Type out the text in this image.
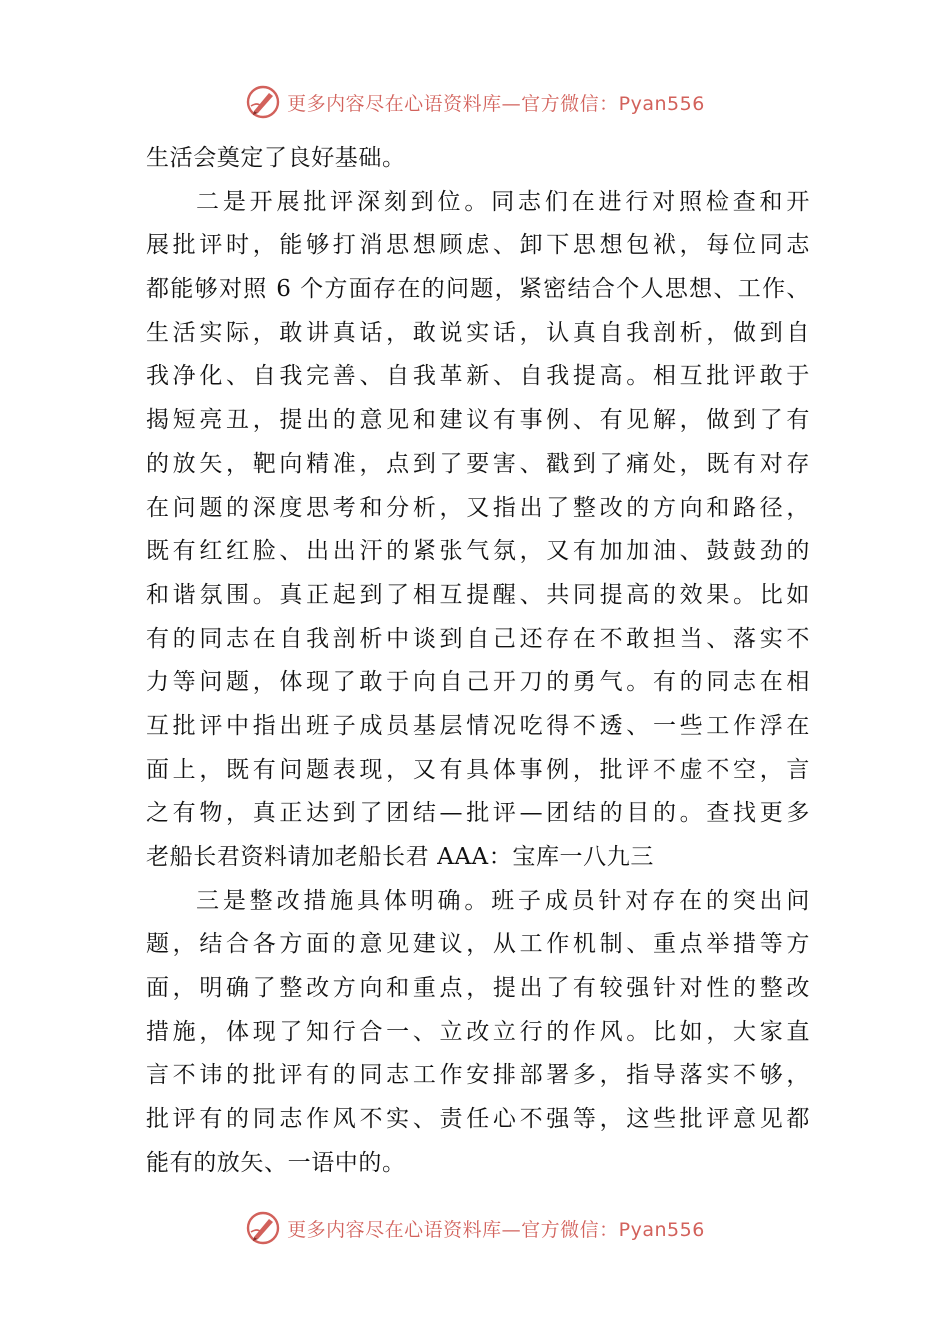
更多内容尽在心语资料库—官方微信：Pyan556
生活会奠定了良好基础。
二是开展批评深刻到位。同志们在进行对照检查和开
展批评时，能够打消思想顾虑、卸下思想包袱，每位同志
都能够对照 6 个方面存在的问题，紧密结合个人思想、工作、
生活实际，敢讲真话，敢说实话，认真自我剖析，做到自
我净化、自我完善、自我革新、自我提高。相互批评敢于
揭短亮丑，提出的意见和建议有事例、有见解，做到了有
的放矢，靶向精准，点到了要害、戳到了痛处，既有对存
在问题的深度思考和分析，又指出了整改的方向和路径，
既有红红脸、出出汗的紧张气氛，又有加加油、鼓鼓劲的
和谐氛围。真正起到了相互提醒、共同提高的效果。比如
有的同志在自我剖析中谈到自己还存在不敢担当、落实不
力等问题，体现了敢于向自己开刀的勇气。有的同志在相
互批评中指出班子成员基层情况吃得不透、一些工作浮在
面上，既有问题表现，又有具体事例，批评不虚不空，言
之有物，真正达到了团结—批评—团结的目的。查找更多
老船长君资料请加老船长君 AAA：宝库一八九三
三是整改措施具体明确。班子成员针对存在的突出问
题，结合各方面的意见建议，从工作机制、重点举措等方
面，明确了整改方向和重点，提出了有较强针对性的整改
措施，体现了知行合一、立改立行的作风。比如，大家直
言不讳的批评有的同志工作安排部署多，指导落实不够，
批评有的同志作风不实、责任心不强等，这些批评意见都
能有的放矢、一语中的。
更多内容尽在心语资料库—官方微信：Pyan556
